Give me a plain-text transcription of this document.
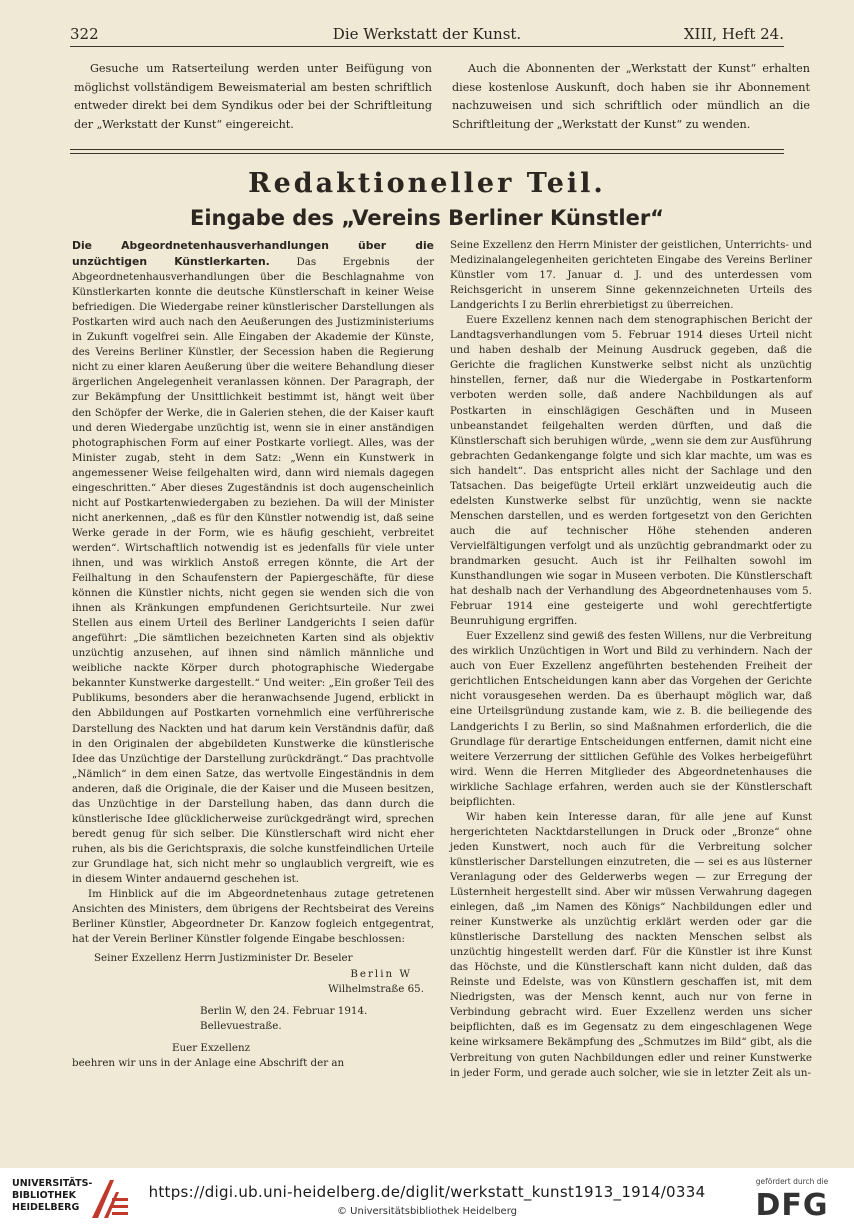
322	Die Werkstatt der Kunst.	XIII, Heft 24.

Gesuche um Ratserteilung werden unter Beifügung von möglichst vollständigem Beweismaterial am besten schriftlich entweder direkt bei dem Syndikus oder bei der Schriftleitung der „Werkstatt der Kunst“ eingereicht.

Auch die Abonnenten der „Werkstatt der Kunst“ erhalten diese kostenlose Auskunft, doch haben sie ihr Abonnement nachzuweisen und sich schriftlich oder mündlich an die Schriftleitung der „Werkstatt der Kunst“ zu wenden.

Redaktioneller Teil.
Eingabe des „Vereins Berliner Künstler“

Die Abgeordnetenhausverhandlungen über die unzüchtigen Künstlerkarten.	Das Ergebnis der Abgeordnetenhausverhandlungen über die Beschlagnahme von Künstlerkarten konnte die deutsche Künstlerschaft in keiner Weise befriedigen. Die Wiedergabe reiner künstlerischer Darstellungen als Postkarten wird auch nach den Aeußerungen des Justizministeriums in Zukunft vogelfrei sein. Alle Eingaben der Akademie der Künste, des Vereins Berliner Künstler, der Secession haben die Regierung nicht zu einer klaren Aeußerung über die weitere Behandlung dieser ärgerlichen Angelegenheit veranlassen können. Der Paragraph, der zur Bekämpfung der Unsittlichkeit bestimmt ist, hängt weit über den Schöpfer der Werke, die in Galerien stehen, die der Kaiser kauft und deren Wiedergabe unzüchtig ist, wenn sie in einer anständigen photographischen Form auf einer Postkarte vorliegt. Alles, was der Minister zugab, steht in dem Satz: „Wenn ein Kunstwerk in angemessener Weise feilgehalten wird, dann wird niemals dagegen eingeschritten.“ Aber dieses Zugeständnis ist doch augenscheinlich nicht auf Postkartenwiedergaben zu beziehen. Da will der Minister nicht anerkennen, „daß es für den Künstler notwendig ist, daß seine Werke gerade in der Form, wie es häufig geschieht, verbreitet werden“. Wirtschaftlich notwendig ist es jedenfalls für viele unter ihnen, und was wirklich Anstoß erregen könnte, die Art der Feilhaltung in den Schaufenstern der Papiergeschäfte, für diese können die Künstler nichts, nicht gegen sie wenden sich die von ihnen als Kränkungen empfundenen Gerichtsurteile. Nur zwei Stellen aus einem Urteil des Berliner Landgerichts I seien dafür angeführt: „Die sämtlichen bezeichneten Karten sind als objektiv unzüchtig anzusehen, auf ihnen sind nämlich männliche und weibliche nackte Körper durch photographische Wiedergabe bekannter Kunstwerke dargestellt.“ Und weiter: „Ein großer Teil des Publikums, besonders aber die heranwachsende Jugend, erblickt in den Abbildungen auf Postkarten vornehmlich eine verführerische Darstellung des Nackten und hat darum kein Verständnis dafür, daß in den Originalen der abgebildeten Kunstwerke die künstlerische Idee das Unzüchtige der Darstellung zurückdrängt.“ Das prachtvolle „Nämlich“ in dem einen Satze, das wertvolle Eingeständnis in dem anderen, daß die Originale, die der Kaiser und die Museen besitzen, das Unzüchtige in der Darstellung haben, das dann durch die künstlerische Idee glücklicherweise zurückgedrängt wird, sprechen beredt genug für sich selber. Die Künstlerschaft wird nicht eher ruhen, als bis die Gerichtspraxis, die solche kunstfeindlichen Urteile zur Grundlage hat, sich nicht mehr so unglaublich vergreift, wie es in diesem Winter andauernd geschehen ist.

Im Hinblick auf die im Abgeordnetenhaus zutage getretenen Ansichten des Ministers, dem übrigens der Rechtsbeirat des Vereins Berliner Künstler, Abgeordneter Dr. Kanzow fogleich entgegentrat, hat der Verein Berliner Künstler folgende Eingabe beschlossen:

Seiner Exzellenz Herrn Justizminister Dr. Beseler
Berlin W
Wilhelmstraße 65.
Berlin W, den 24. Februar 1914.
Bellevuestraße.
Euer Exzellenz
beehren wir uns in der Anlage eine Abschrift der an

Seine Exzellenz den Herrn Minister der geistlichen, Unterrichts- und Medizinalangelegenheiten gerichteten Eingabe des Vereins Berliner Künstler vom 17. Januar d. J. und des unterdessen vom Reichsgericht in unserem Sinne gekennzeichneten Urteils des Landgerichts I zu Berlin ehrerbietigst zu überreichen.

Euere Exzellenz kennen nach dem stenographischen Bericht der Landtagsverhandlungen vom 5. Februar 1914 dieses Urteil nicht und haben deshalb der Meinung Ausdruck gegeben, daß die Gerichte die fraglichen Kunstwerke selbst nicht als unzüchtig hinstellen, ferner, daß nur die Wiedergabe in Postkartenform verboten werden solle, daß andere Nachbildungen als auf Postkarten in einschlägigen Geschäften und in Museen unbeanstandet feilgehalten werden dürften, und daß die Künstlerschaft sich beruhigen würde, „wenn sie dem zur Ausführung gebrachten Gedankengange folgte und sich klar machte, um was es sich handelt“. Das entspricht alles nicht der Sachlage und den Tatsachen. Das beigefügte Urteil erklärt unzweideutig auch die edelsten Kunstwerke selbst für unzüchtig, wenn sie nackte Menschen darstellen, und es werden fortgesetzt von den Gerichten auch die auf technischer Höhe stehenden anderen Vervielfältigungen verfolgt und als unzüchtig gebrandmarkt oder zu brandmarken gesucht. Auch ist ihr Feilhalten sowohl im Kunsthandlungen wie sogar in Museen verboten. Die Künstlerschaft hat deshalb nach der Verhandlung des Abgeordnetenhauses vom 5. Februar 1914 eine gesteigerte und wohl gerechtfertigte Beunruhigung ergriffen.

Euer Exzellenz sind gewiß des festen Willens, nur die Verbreitung des wirklich Unzüchtigen in Wort und Bild zu verhindern. Nach der auch von Euer Exzellenz angeführten bestehenden Freiheit der gerichtlichen Entscheidungen kann aber das Vorgehen der Gerichte nicht vorausgesehen werden. Da es überhaupt möglich war, daß eine Urteilsgründung zustande kam, wie z. B. die beiliegende des Landgerichts I zu Berlin, so sind Maßnahmen erforderlich, die die Grundlage für derartige Entscheidungen entfernen, damit nicht eine weitere Verzerrung der sittlichen Gefühle des Volkes herbeigeführt wird. Wenn die Herren Mitglieder des Abgeordnetenhauses die wirkliche Sachlage erfahren, werden auch sie der Künstlerschaft beipflichten.

Wir haben kein Interesse daran, für alle jene auf Kunst hergerichteten Nacktdarstellungen in Druck oder „Bronze“ ohne jeden Kunstwert, noch auch für die Verbreitung solcher künstlerischer Darstellungen einzutreten, die — sei es aus lüsterner Veranlagung oder des Gelderwerbs wegen — zur Erregung der Lüsternheit hergestellt sind. Aber wir müssen Verwahrung dagegen einlegen, daß „im Namen des Königs“ Nachbildungen edler und reiner Kunstwerke als unzüchtig erklärt werden oder gar die künstlerische Darstellung des nackten Menschen selbst als unzüchtig hingestellt werden darf. Für die Künstler ist ihre Kunst das Höchste, und die Künstlerschaft kann nicht dulden, daß das Reinste und Edelste, was von Künstlern geschaffen ist, mit dem Niedrigsten, was der Mensch kennt, auch nur von ferne in Verbindung gebracht wird. Euer Exzellenz werden uns sicher beipflichten, daß es im Gegensatz zu dem eingeschlagenen Wege keine wirksamere Bekämpfung des „Schmutzes im Bild“ gibt, als die Verbreitung von guten Nachbildungen edler und reiner Kunstwerke in jeder Form, und gerade auch solcher, wie sie in letzter Zeit als un-

UNIVERSITÄTS-BIBLIOTHEK HEIDELBERG
https://digi.ub.uni-heidelberg.de/diglit/werkstatt_kunst1913_1914/0334
© Universitätsbibliothek Heidelberg
gefördert durch die
DFG
